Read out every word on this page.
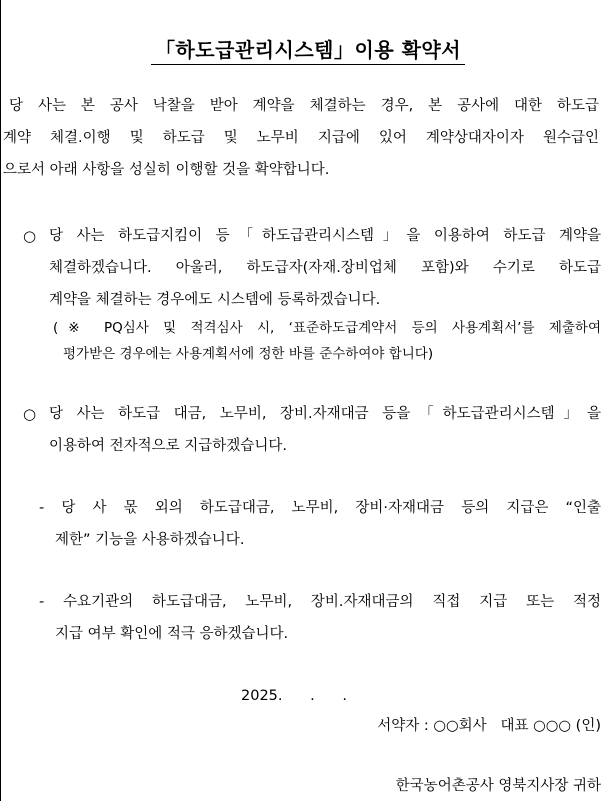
「하도급관리시스템」이용 확약서
당 사는 본 공사 낙찰을 받아 계약을 체결하는 경우, 본 공사에 대한 하도급
계약 체결.이행 및 하도급 및 노무비 지급에 있어 계약상대자이자 원수급인
으로서 아래 사항을 성실히 이행할 것을 확약합니다.
○ 당 사는 하도급지킴이 등「하도급관리시스템」을 이용하여 하도급 계약을
체결하겠습니다. 아울러, 하도급자(자재.장비업체 포함)와 수기로 하도급
계약을 체결하는 경우에도 시스템에 등록하겠습니다.
(※ PQ심사 및 적격심사 시, ‘표준하도급계약서 등의 사용계획서’를 제출하여
평가받은 경우에는 사용계획서에 정한 바를 준수하여야 합니다)
○ 당 사는 하도급 대금, 노무비, 장비.자재대금 등을「하도급관리시스템」을
이용하여 전자적으로 지급하겠습니다.
- 당 사 몫 외의 하도급대금, 노무비, 장비·자재대금 등의 지급은 “인출
제한” 기능을 사용하겠습니다.
- 수요기관의 하도급대금, 노무비, 장비.자재대금의 직접 지급 또는 적정
지급 여부 확인에 적극 응하겠습니다.
2025.      .      .
서약자 : ○○회사   대표 ○○○ (인)
한국농어촌공사 영북지사장 귀하
